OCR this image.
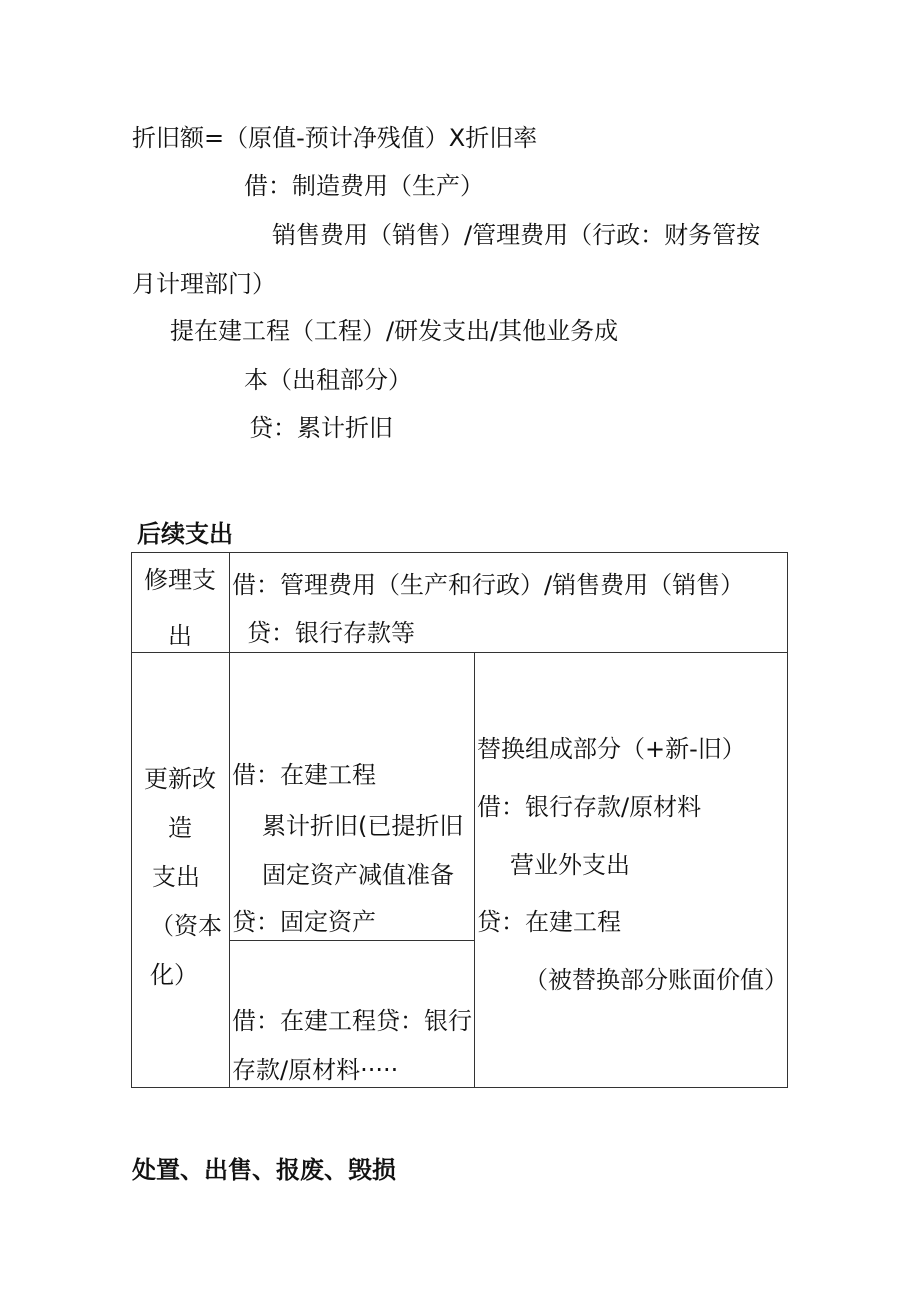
折旧额=（原值-预计净残值）X折旧率
借：制造费用（生产）
销售费用（销售）/管理费用（行政：财务管按
月计理部门）
提在建工程（工程）/研发支出/其他业务成
本（出租部分）
贷：累计折旧
后续支出
修理支
出
借：管理费用（生产和行政）/销售费用（销售）
贷：银行存款等
更新改
造
支出
（资本
化）
借：在建工程
累计折旧(已提折旧
固定资产减值准备
贷：固定资产
借：在建工程贷：银行
存款/原材料·····
替换组成部分（+新-旧）
借：银行存款/原材料
营业外支出
贷：在建工程
（被替换部分账面价值）
处置、出售、报废、毁损
